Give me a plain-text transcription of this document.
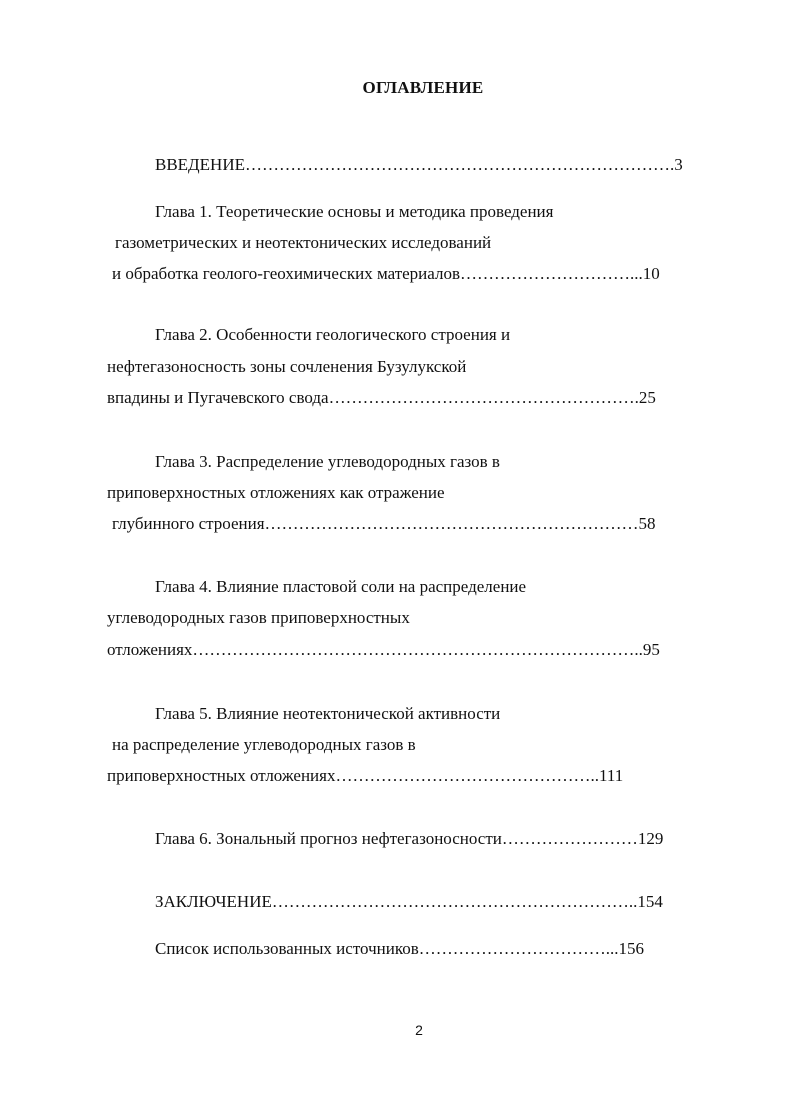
ОГЛАВЛЕНИЕ
ВВЕДЕНИЕ………………………………………………………………….3
Глава 1. Теоретические основы и методика проведения
газометрических и неотектонических исследований
и обработка геолого-геохимических материалов…………………………...10
Глава 2. Особенности геологического строения и
нефтегазоносность зоны сочленения Бузулукской
впадины и Пугачевского свода……………………………………………….25
Глава 3. Распределение углеводородных газов в
приповерхностных отложениях как отражение
глубинного строения…………………………………………………………58
Глава 4. Влияние пластовой соли на распределение
углеводородных газов приповерхностных
отложениях……………………………………………………………………..95
Глава 5. Влияние неотектонической активности
на распределение углеводородных газов в
приповерхностных отложениях………………………………………..111
Глава 6. Зональный прогноз нефтегазоносности……………………129
ЗАКЛЮЧЕНИЕ………………………………………………………..154
Список использованных источников……………………………...156
2
